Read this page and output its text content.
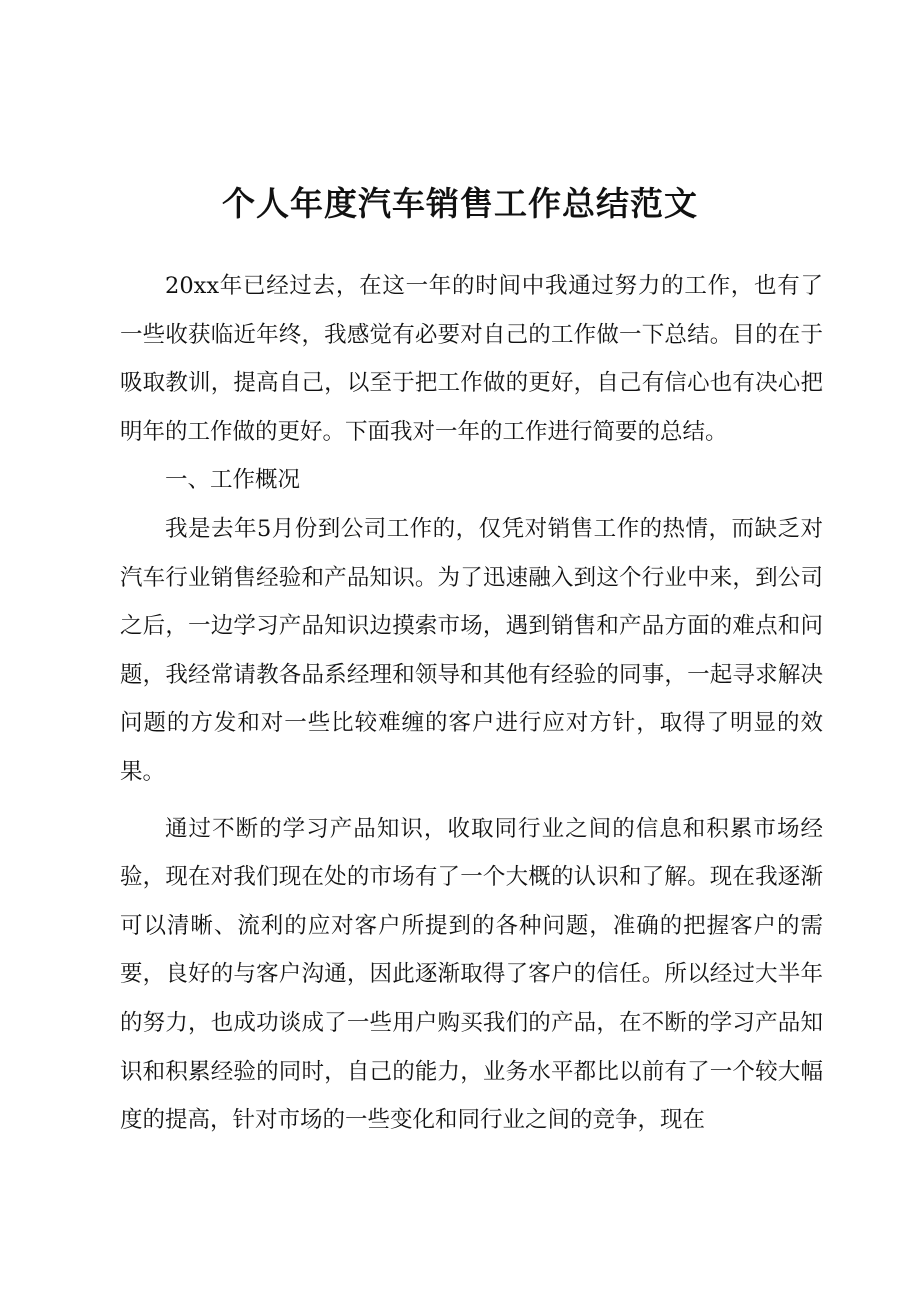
个人年度汽车销售工作总结范文

20xx年已经过去，在这一年的时间中我通过努力的工作，也有了一些收获临近年终，我感觉有必要对自己的工作做一下总结。目的在于吸取教训，提高自己，以至于把工作做的更好，自己有信心也有决心把明年的工作做的更好。下面我对一年的工作进行简要的总结。

一、工作概况

我是去年5月份到公司工作的，仅凭对销售工作的热情，而缺乏对汽车行业销售经验和产品知识。为了迅速融入到这个行业中来，到公司之后，一边学习产品知识边摸索市场，遇到销售和产品方面的难点和问题，我经常请教各品系经理和领导和其他有经验的同事，一起寻求解决问题的方发和对一些比较难缠的客户进行应对方针，取得了明显的效果。

通过不断的学习产品知识，收取同行业之间的信息和积累市场经验，现在对我们现在处的市场有了一个大概的认识和了解。现在我逐渐可以清晰、流利的应对客户所提到的各种问题，准确的把握客户的需要，良好的与客户沟通，因此逐渐取得了客户的信任。所以经过大半年的努力，也成功谈成了一些用户购买我们的产品，在不断的学习产品知识和积累经验的同时，自己的能力，业务水平都比以前有了一个较大幅度的提高，针对市场的一些变化和同行业之间的竞争，现在
